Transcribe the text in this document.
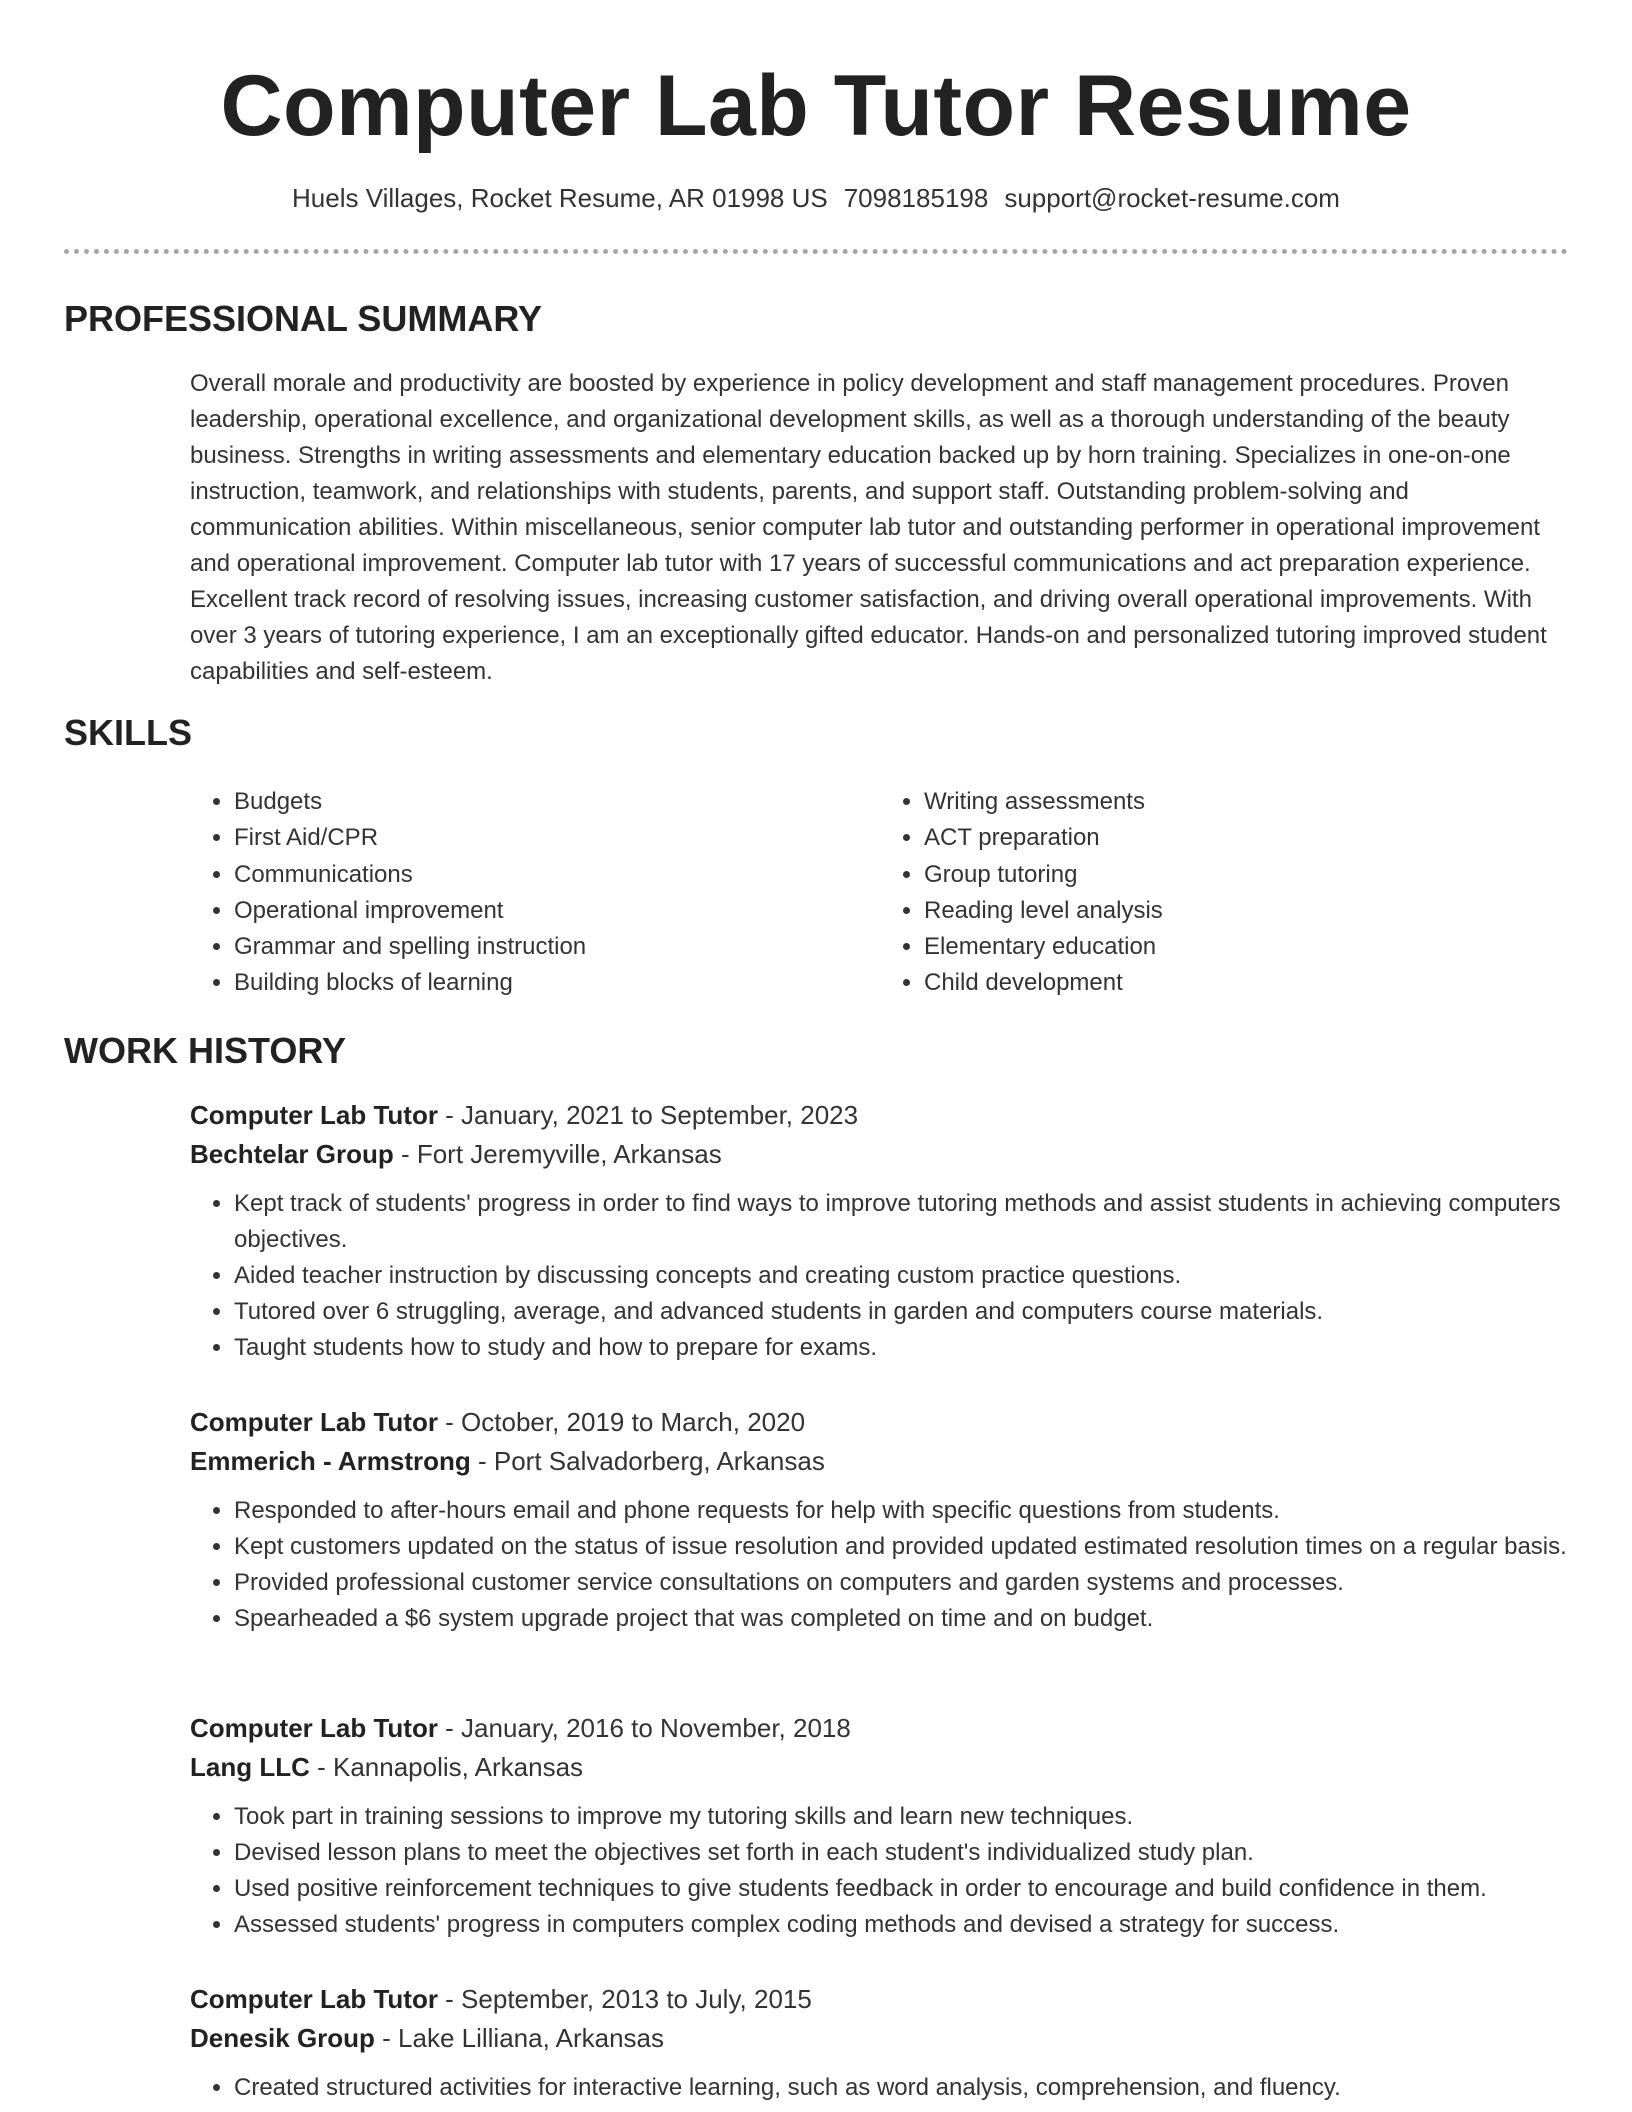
Computer Lab Tutor Resume
Huels Villages, Rocket Resume, AR 01998 US 7098185198 support@rocket-resume.com
PROFESSIONAL SUMMARY

Overall morale and productivity are boosted by experience in policy development and staff management procedures. Proven leadership, operational excellence, and organizational development skills, as well as a thorough understanding of the beauty business. Strengths in writing assessments and elementary education backed up by horn training. Specializes in one-on-one instruction, teamwork, and relationships with students, parents, and support staff. Outstanding problem-solving and communication abilities. Within miscellaneous, senior computer lab tutor and outstanding performer in operational improvement and operational improvement. Computer lab tutor with 17 years of successful communications and act preparation experience. Excellent track record of resolving issues, increasing customer satisfaction, and driving overall operational improvements. With over 3 years of tutoring experience, I am an exceptionally gifted educator. Hands-on and personalized tutoring improved student capabilities and self-esteem.

SKILLS
• Budgets
• First Aid/CPR
• Communications
• Operational improvement
• Grammar and spelling instruction
• Building blocks of learning
• Writing assessments
• ACT preparation
• Group tutoring
• Reading level analysis
• Elementary education
• Child development
WORK HISTORY
Computer Lab Tutor - January, 2021 to September, 2023
Bechtelar Group - Fort Jeremyville, Arkansas
• Kept track of students' progress in order to find ways to improve tutoring methods and assist students in achieving computers objectives.
• Aided teacher instruction by discussing concepts and creating custom practice questions.
• Tutored over 6 struggling, average, and advanced students in garden and computers course materials.
• Taught students how to study and how to prepare for exams.
Computer Lab Tutor - October, 2019 to March, 2020
Emmerich - Armstrong - Port Salvadorberg, Arkansas
• Responded to after-hours email and phone requests for help with specific questions from students.
• Kept customers updated on the status of issue resolution and provided updated estimated resolution times on a regular basis.
• Provided professional customer service consultations on computers and garden systems and processes.
• Spearheaded a $6 system upgrade project that was completed on time and on budget.
Computer Lab Tutor - January, 2016 to November, 2018
Lang LLC - Kannapolis, Arkansas
• Took part in training sessions to improve my tutoring skills and learn new techniques.
• Devised lesson plans to meet the objectives set forth in each student's individualized study plan.
• Used positive reinforcement techniques to give students feedback in order to encourage and build confidence in them.
• Assessed students' progress in computers complex coding methods and devised a strategy for success.
Computer Lab Tutor - September, 2013 to July, 2015
Denesik Group - Lake Lilliana, Arkansas
• Created structured activities for interactive learning, such as word analysis, comprehension, and fluency.
